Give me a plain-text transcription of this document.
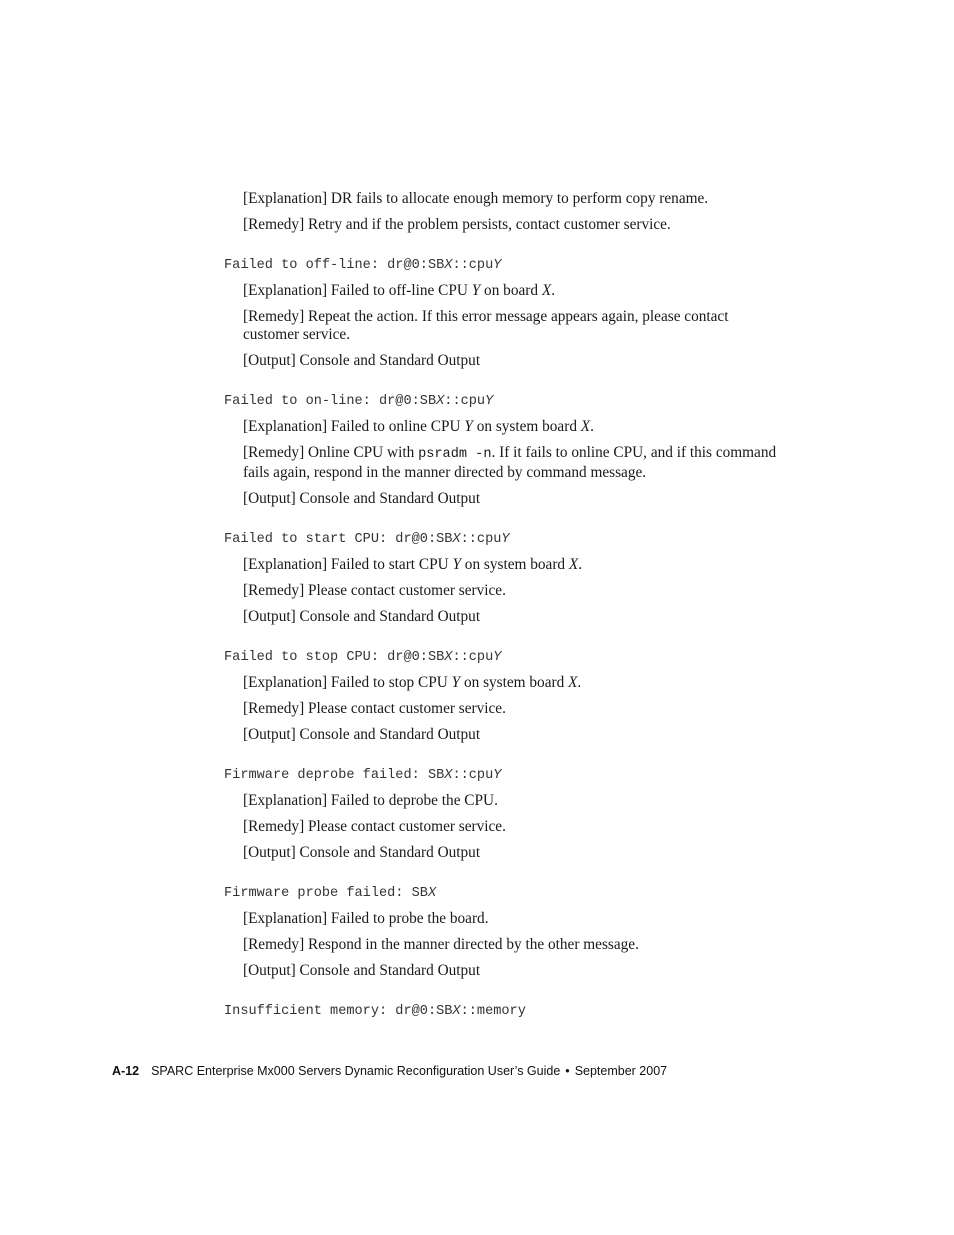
[Explanation] DR fails to allocate enough memory to perform copy rename.

[Remedy] Retry and if the problem persists, contact customer service.

Failed to off-line: dr@0:SBX::cpuY

[Explanation] Failed to off-line CPU Y on board X.

[Remedy] Repeat the action. If this error message appears again, please contact customer service.

[Output] Console and Standard Output

Failed to on-line: dr@0:SBX::cpuY

[Explanation] Failed to online CPU Y on system board X.

[Remedy] Online CPU with psradm -n. If it fails to online CPU, and if this command fails again, respond in the manner directed by command message.

[Output] Console and Standard Output

Failed to start CPU: dr@0:SBX::cpuY

[Explanation] Failed to start CPU Y on system board X.

[Remedy] Please contact customer service.

[Output] Console and Standard Output

Failed to stop CPU: dr@0:SBX::cpuY

[Explanation] Failed to stop CPU Y on system board X.

[Remedy] Please contact customer service.

[Output] Console and Standard Output

Firmware deprobe failed: SBX::cpuY

[Explanation] Failed to deprobe the CPU.

[Remedy] Please contact customer service.

[Output] Console and Standard Output

Firmware probe failed: SBX

[Explanation] Failed to probe the board.

[Remedy] Respond in the manner directed by the other message.

[Output] Console and Standard Output

Insufficient memory: dr@0:SBX::memory
A-12 SPARC Enterprise Mx000 Servers Dynamic Reconfiguration User’s Guide • September 2007
